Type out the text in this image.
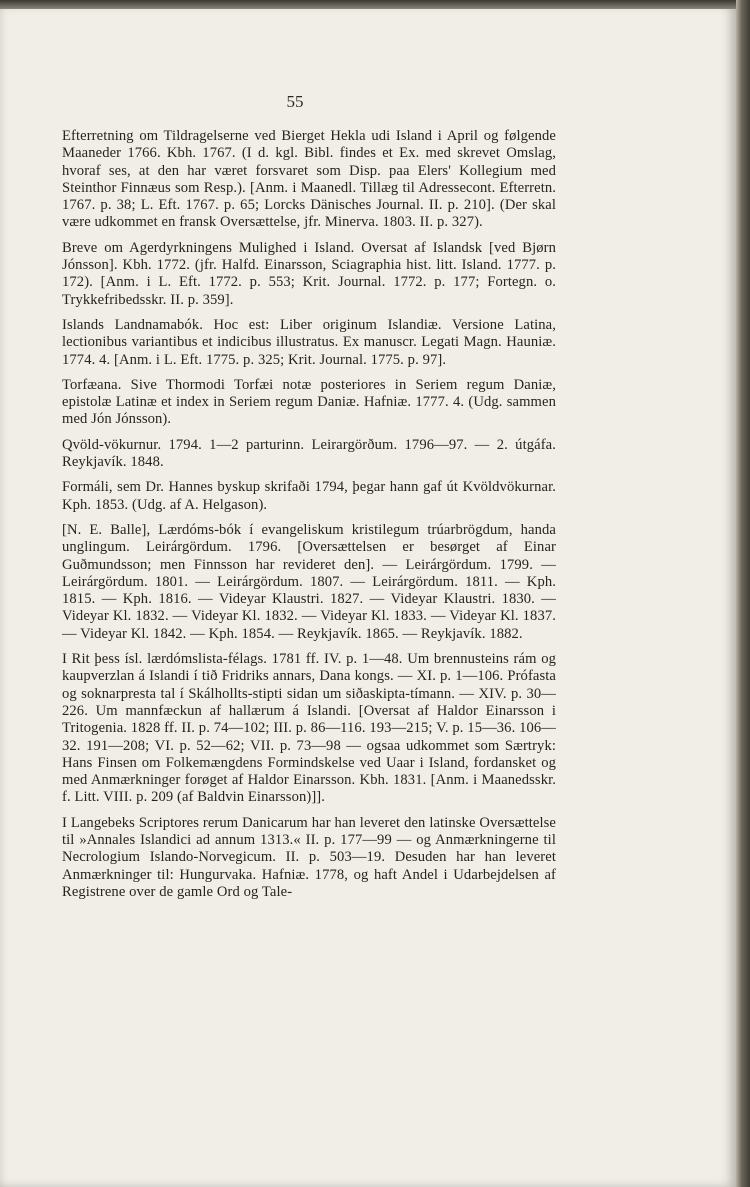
55

Efterretning om Tildragelserne ved Bierget Hekla udi Island i April og følgende Maaneder 1766. Kbh. 1767. (I d. kgl. Bibl. findes et Ex. med skrevet Omslag, hvoraf ses, at den har været forsvaret som Disp. paa Elers' Kollegium med Steinthor Finnæus som Resp.). [Anm. i Maanedl. Tillæg til Adressecont. Efterretn. 1767. p. 38; L. Eft. 1767. p. 65; Lorcks Dänisches Journal. II. p. 210]. (Der skal være udkommet en fransk Oversættelse, jfr. Minerva. 1803. II. p. 327).

Breve om Agerdyrkningens Mulighed i Island. Oversat af Islandsk [ved Bjørn Jónsson]. Kbh. 1772. (jfr. Halfd. Einarsson, Sciagraphia hist. litt. Island. 1777. p. 172). [Anm. i L. Eft. 1772. p. 553; Krit. Journal. 1772. p. 177; Fortegn. o. Trykkefribedsskr. II. p. 359].

Islands Landnamabók. Hoc est: Liber originum Islandiæ. Versione Latina, lectionibus variantibus et indicibus illustratus. Ex manuscr. Legati Magn. Hauniæ. 1774. 4. [Anm. i L. Eft. 1775. p. 325; Krit. Journal. 1775. p. 97].

Torfæana. Sive Thormodi Torfæi notæ posteriores in Seriem regum Daniæ, epistolæ Latinæ et index in Seriem regum Daniæ. Hafniæ. 1777. 4. (Udg. sammen med Jón Jónsson).

Qvöld-vökurnur. 1794. 1—2 parturinn. Leirargörðum. 1796—97. — 2. útgáfa. Reykjavík. 1848.

Formáli, sem Dr. Hannes byskup skrifaði 1794, þegar hann gaf út Kvöldvökurnar. Kph. 1853. (Udg. af A. Helgason).

[N. E. Balle], Lærdóms-bók í evangeliskum kristilegum trúarbrögdum, handa unglingum. Leirárgördum. 1796. [Oversættelsen er besørget af Einar Guðmundsson; men Finnsson har revideret den]. — Leirárgördum. 1799. — Leirárgördum. 1801. — Leirárgördum. 1807. — Leirárgördum. 1811. — Kph. 1815. — Kph. 1816. — Videyar Klaustri. 1827. — Videyar Klaustri. 1830. — Videyar Kl. 1832. — Videyar Kl. 1832. — Videyar Kl. 1833. — Videyar Kl. 1837. — Videyar Kl. 1842. — Kph. 1854. — Reykjavík. 1865. — Reykjavík. 1882.

I Rit þess ísl. lærdómslista-félags. 1781 ff. IV. p. 1—48. Um brennusteins rám og kaupverzlan á Islandi í tið Fridriks annars, Dana kongs. — XI. p. 1—106. Prófasta og soknarpresta tal í Skálhollts-stipti sidan um siðaskipta-tímann. — XIV. p. 30—226. Um mannfæckun af hallærum á Islandi. [Oversat af Haldor Einarsson i Tritogenia. 1828 ff. II. p. 74—102; III. p. 86—116. 193—215; V. p. 15—36. 106—32. 191—208; VI. p. 52—62; VII. p. 73—98 — ogsaa udkommet som Særtryk: Hans Finsen om Folkemængdens Formindskelse ved Uaar i Island, fordansket og med Anmærkninger forøget af Haldor Einarsson. Kbh. 1831. [Anm. i Maanedsskr. f. Litt. VIII. p. 209 (af Baldvin Einarsson)]].

I Langebeks Scriptores rerum Danicarum har han leveret den latinske Oversættelse til »Annales Islandici ad annum 1313.« II. p. 177—99 — og Anmærkningerne til Necrologium Islando-Norvegicum. II. p. 503—19. Desuden har han leveret Anmærkninger til: Hungurvaka. Hafniæ. 1778, og haft Andel i Udarbejdelsen af Registrene over de gamle Ord og Tale-
